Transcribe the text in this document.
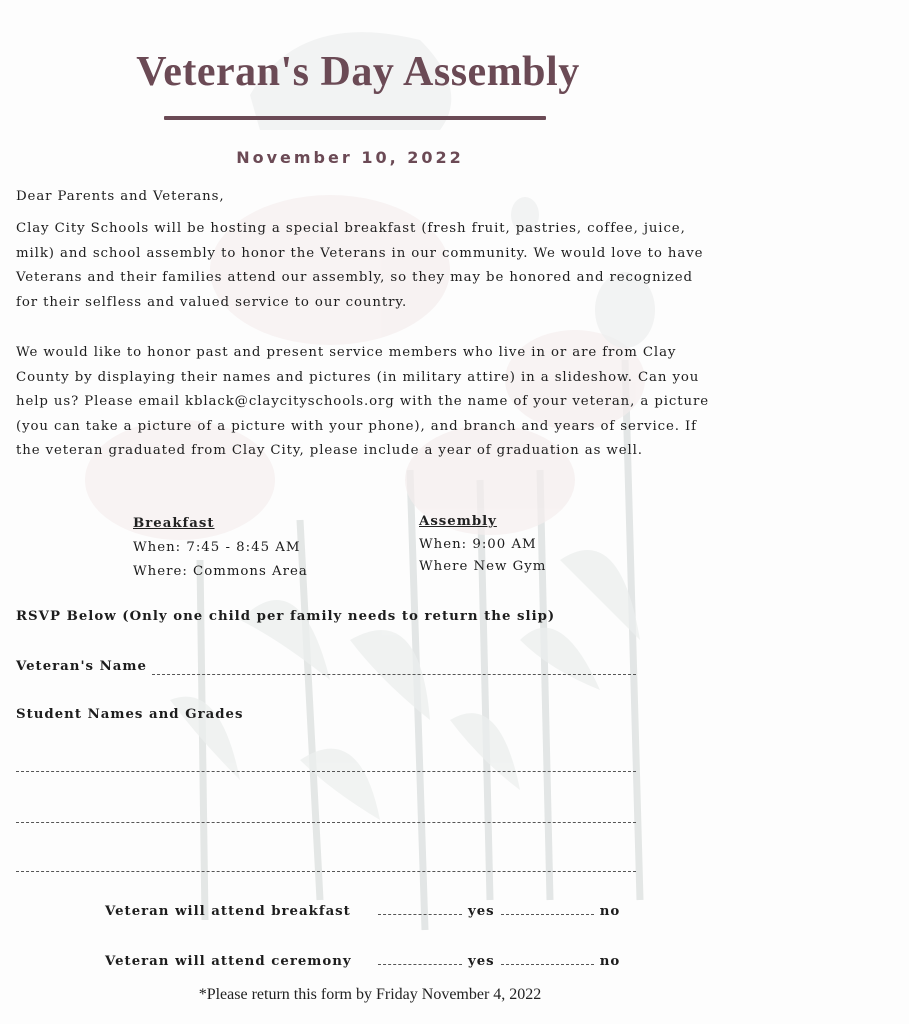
Veteran's Day Assembly
November 10, 2022

Dear Parents and Veterans,

Clay City Schools will be hosting a special breakfast (fresh fruit, pastries, coffee, juice, milk) and school assembly to honor the Veterans in our community. We would love to have Veterans and their families attend our assembly, so they may be honored and recognized for their selfless and valued service to our country.

We would like to honor past and present service members who live in or are from Clay County by displaying their names and pictures (in military attire) in a slideshow. Can you help us? Please email kblack@claycityschools.org with the name of your veteran, a picture (you can take a picture of a picture with your phone), and branch and years of service. If the veteran graduated from Clay City, please include a year of graduation as well.

Breakfast
When: 7:45 - 8:45 AM
Where: Commons Area
Assembly
When: 9:00 AM
Where New Gym
RSVP Below (Only one child per family needs to return the slip)
Veteran's Name
Student Names and Grades
Veteran will attend breakfast	yes	no
Veteran will attend ceremony	yes	no
*Please return this form by Friday November 4, 2022
